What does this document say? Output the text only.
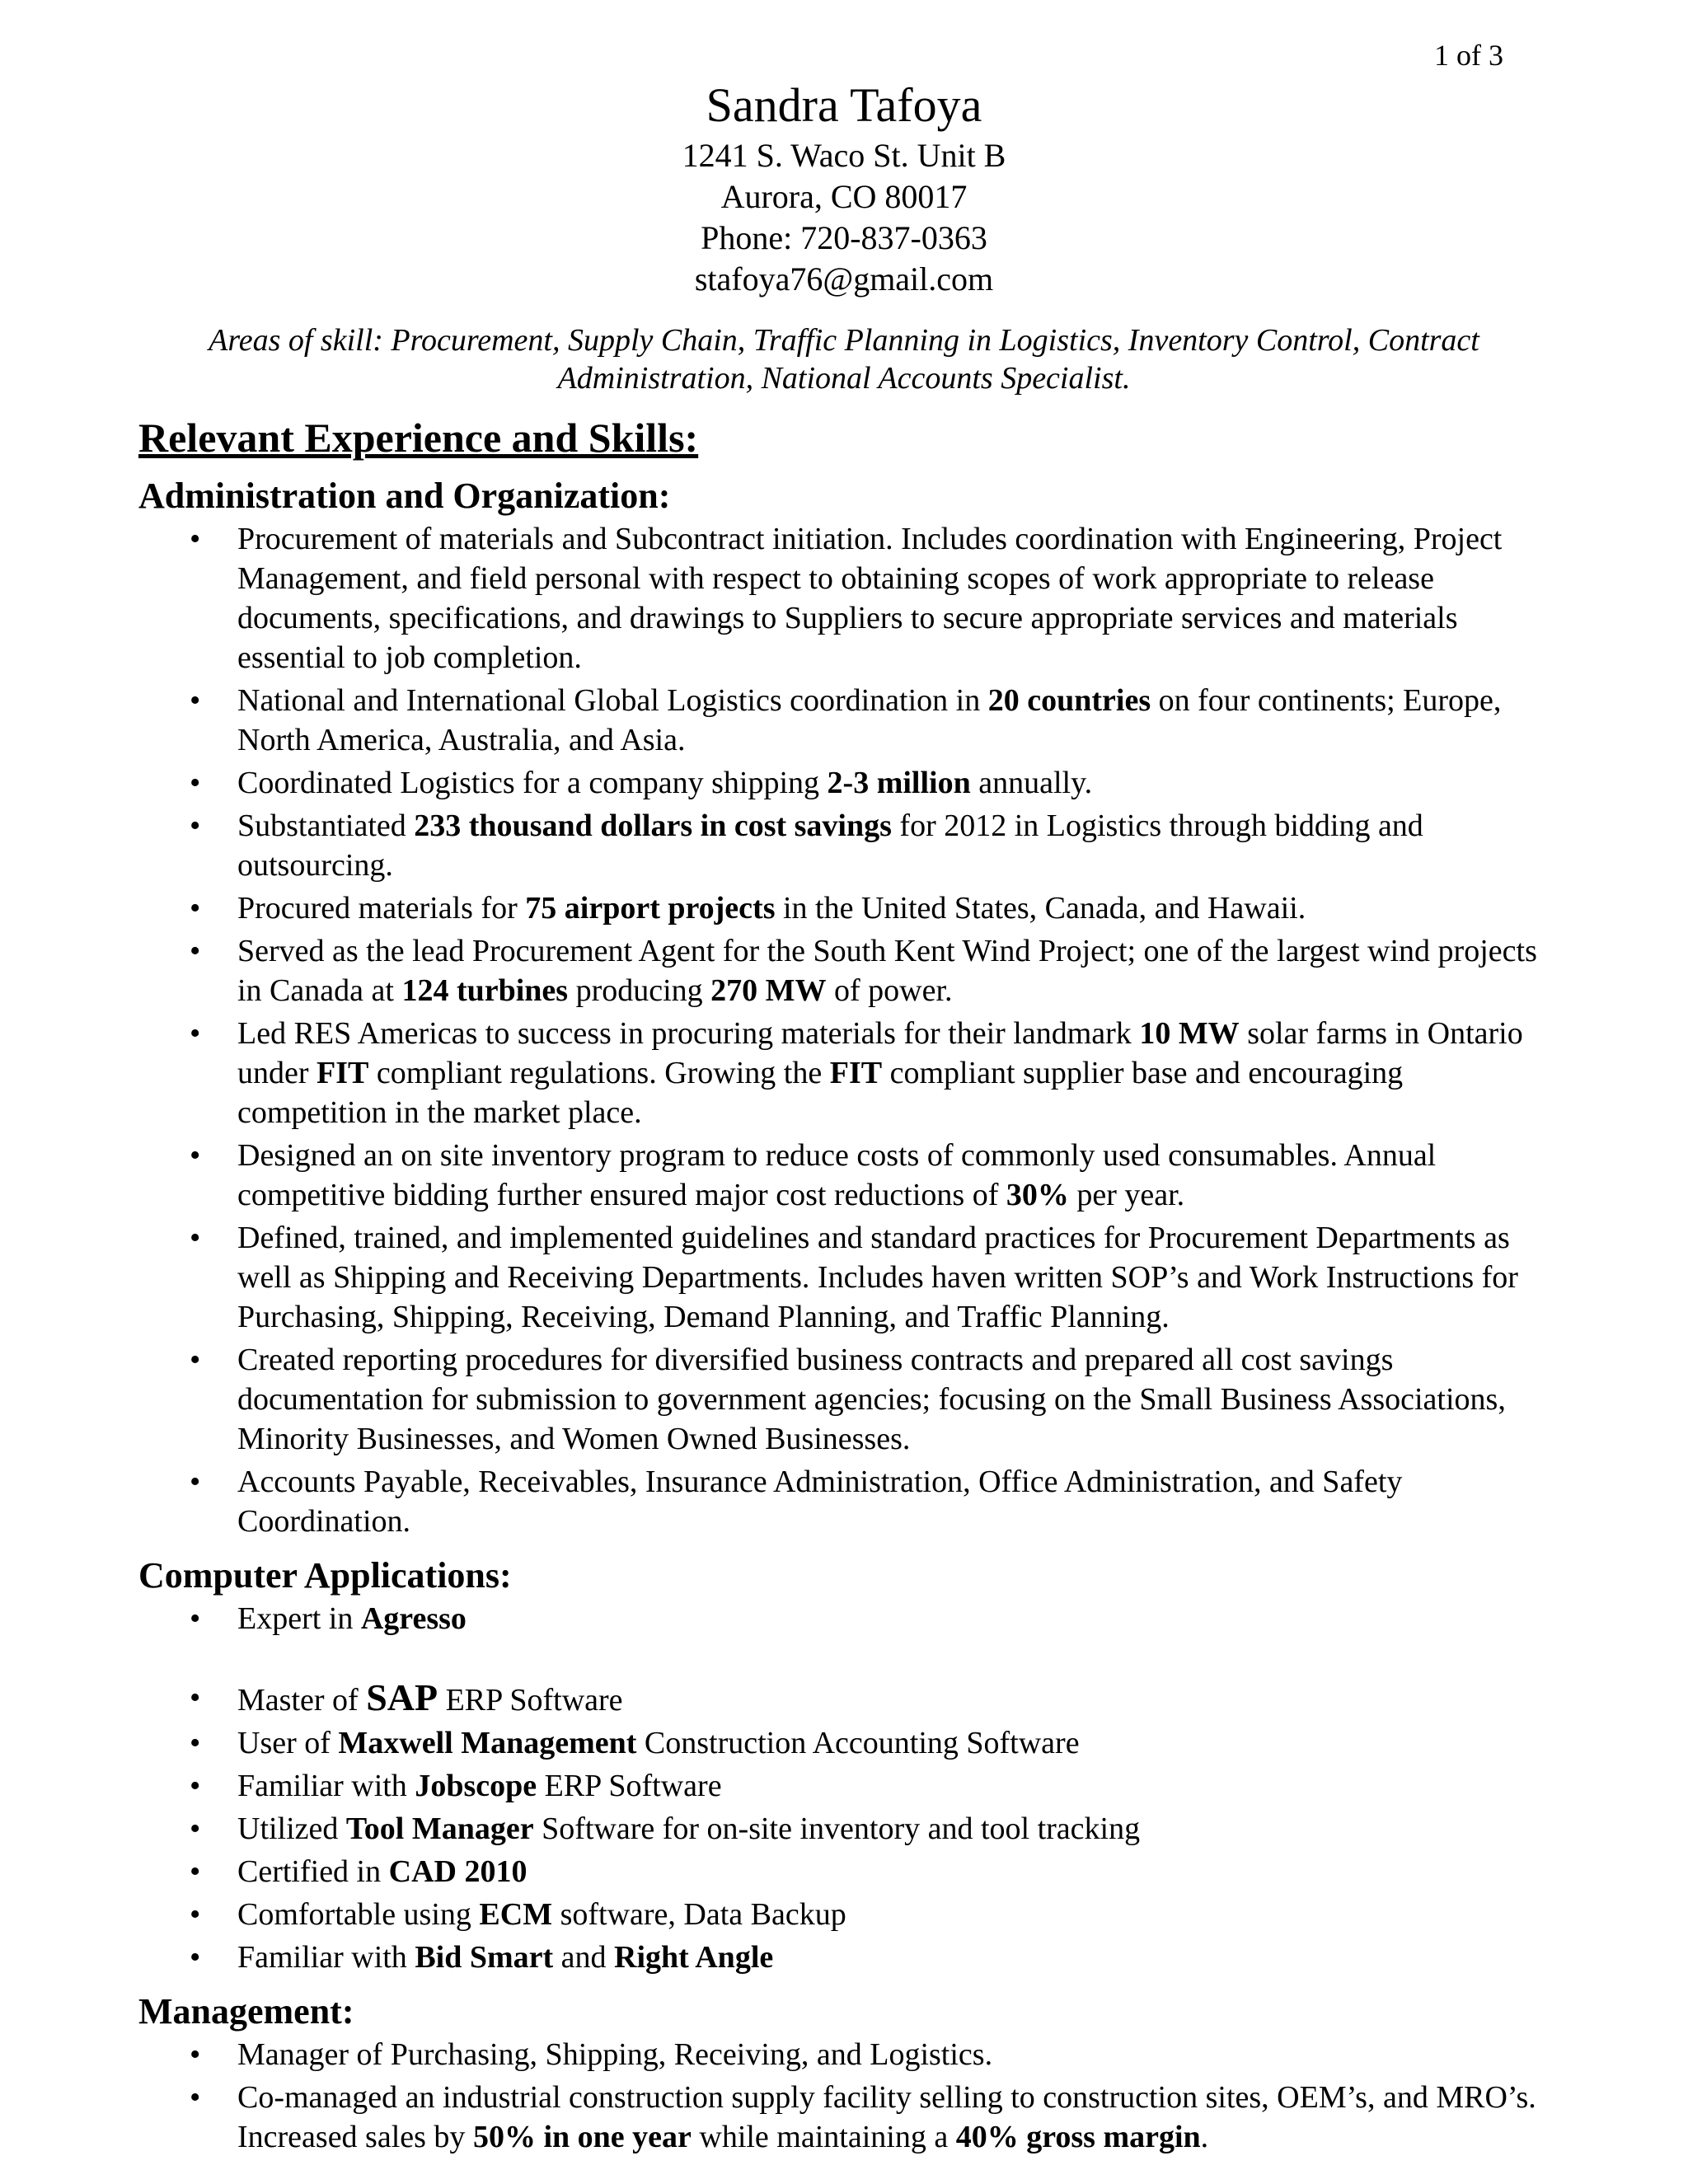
1 of 3
Sandra Tafoya
1241 S. Waco St. Unit B
Aurora, CO 80017
Phone: 720-837-0363
stafoya76@gmail.com
Areas of skill: Procurement, Supply Chain, Traffic Planning in Logistics, Inventory Control, Contract
Administration, National Accounts Specialist.
Relevant Experience and Skills:
Administration and Organization:
• Procurement of materials and Subcontract initiation. Includes coordination with Engineering, Project Management, and field personal with respect to obtaining scopes of work appropriate to release documents, specifications, and drawings to Suppliers to secure appropriate services and materials essential to job completion.
• National and International Global Logistics coordination in 20 countries on four continents; Europe, North America, Australia, and Asia.
• Coordinated Logistics for a company shipping 2-3 million annually.
• Substantiated 233 thousand dollars in cost savings for 2012 in Logistics through bidding and outsourcing.
• Procured materials for 75 airport projects in the United States, Canada, and Hawaii.
• Served as the lead Procurement Agent for the South Kent Wind Project; one of the largest wind projects in Canada at 124 turbines producing 270 MW of power.
• Led RES Americas to success in procuring materials for their landmark 10 MW solar farms in Ontario under FIT compliant regulations. Growing the FIT compliant supplier base and encouraging competition in the market place.
• Designed an on site inventory program to reduce costs of commonly used consumables. Annual competitive bidding further ensured major cost reductions of 30% per year.
• Defined, trained, and implemented guidelines and standard practices for Procurement Departments as well as Shipping and Receiving Departments. Includes haven written SOP’s and Work Instructions for Purchasing, Shipping, Receiving, Demand Planning, and Traffic Planning.
• Created reporting procedures for diversified business contracts and prepared all cost savings documentation for submission to government agencies; focusing on the Small Business Associations, Minority Businesses, and Women Owned Businesses.
• Accounts Payable, Receivables, Insurance Administration, Office Administration, and Safety Coordination.
Computer Applications:
• Expert in Agresso
• Master of SAP ERP Software
• User of Maxwell Management Construction Accounting Software
• Familiar with Jobscope ERP Software
• Utilized Tool Manager Software for on-site inventory and tool tracking
• Certified in CAD 2010
• Comfortable using ECM software, Data Backup
• Familiar with Bid Smart and Right Angle
Management:
• Manager of Purchasing, Shipping, Receiving, and Logistics.
• Co-managed an industrial construction supply facility selling to construction sites, OEM’s, and MRO’s. Increased sales by 50% in one year while maintaining a 40% gross margin.
